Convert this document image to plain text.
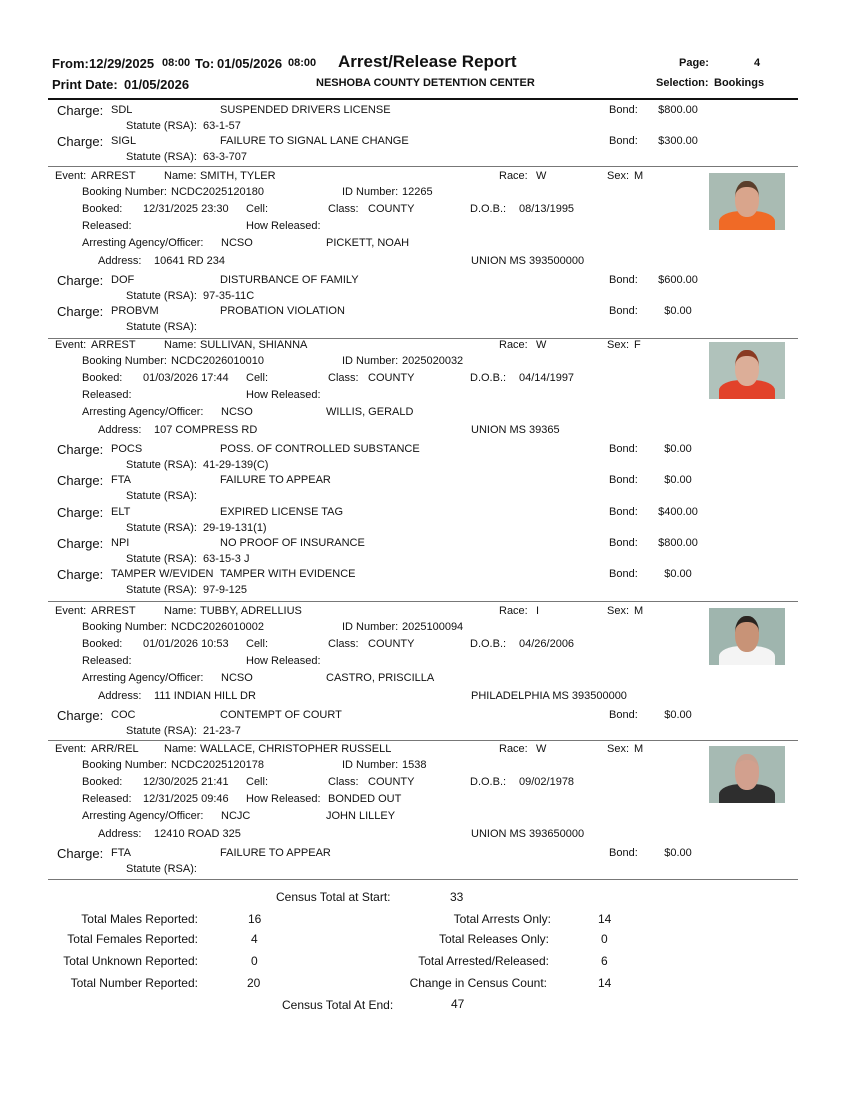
From: 12/29/2025 08:00 To: 01/05/2026 08:00 Arrest/Release Report	Page:	4
Print Date: 01/05/2026	NESHOBA COUNTY DETENTION CENTER	Selection: Bookings
Charge: SDL	SUSPENDED DRIVERS LICENSE	Bond:	$800.00
Statute (RSA): 63-1-57
Charge: SIGL	FAILURE TO SIGNAL LANE CHANGE	Bond:	$300.00
Statute (RSA): 63-3-707
Event: ARREST	Name: SMITH, TYLER	Race: W	Sex: M
Booking Number: NCDC2025120180	ID Number: 12265
Booked: 12/31/2025 23:30 Cell:	Class: COUNTY	D.O.B.: 08/13/1995
Released:	How Released:
Arresting Agency/Officer: NCSO	PICKETT, NOAH
Address: 10641 RD 234	UNION MS 393500000
Charge: DOF	DISTURBANCE OF FAMILY	Bond:	$600.00
Statute (RSA): 97-35-11C
Charge: PROBVM	PROBATION VIOLATION	Bond:	$0.00
Statute (RSA):
Event: ARREST	Name: SULLIVAN, SHIANNA	Race: W	Sex: F
Booking Number: NCDC2026010010	ID Number: 2025020032
Booked: 01/03/2026 17:44 Cell:	Class: COUNTY	D.O.B.: 04/14/1997
Released:	How Released:
Arresting Agency/Officer: NCSO	WILLIS, GERALD
Address: 107 COMPRESS RD	UNION MS 39365
Charge: POCS	POSS. OF CONTROLLED SUBSTANCE	Bond:	$0.00
Statute (RSA): 41-29-139(C)
Charge: FTA	FAILURE TO APPEAR	Bond:	$0.00
Statute (RSA):
Charge: ELT	EXPIRED LICENSE TAG	Bond:	$400.00
Statute (RSA): 29-19-131(1)
Charge: NPI	NO PROOF OF INSURANCE	Bond:	$800.00
Statute (RSA): 63-15-3 J
Charge: TAMPER W/EVIDEN TAMPER WITH EVIDENCE	Bond:	$0.00
Statute (RSA): 97-9-125
Event: ARREST	Name: TUBBY, ADRELLIUS	Race: I	Sex: M
Booking Number: NCDC2026010002	ID Number: 2025100094
Booked: 01/01/2026 10:53 Cell:	Class: COUNTY	D.O.B.: 04/26/2006
Released:	How Released:
Arresting Agency/Officer: NCSO	CASTRO, PRISCILLA
Address: 111 INDIAN HILL DR	PHILADELPHIA MS 393500000
Charge: COC	CONTEMPT OF COURT	Bond:	$0.00
Statute (RSA): 21-23-7
Event: ARR/REL Name: WALLACE, CHRISTOPHER RUSSELL	Race: W	Sex: M
Booking Number: NCDC2025120178	ID Number: 1538
Booked: 12/30/2025 21:41 Cell:	Class: COUNTY	D.O.B.: 09/02/1978
Released: 12/31/2025 09:46 How Released: BONDED OUT
Arresting Agency/Officer: NCJC	JOHN LILLEY
Address: 12410 ROAD 325	UNION MS 393650000
Charge: FTA	FAILURE TO APPEAR	Bond:	$0.00
Statute (RSA):
Census Total at Start:	33
Total Males Reported:	16	Total Arrests Only:	14
Total Females Reported:	4	Total Releases Only:	0
Total Unknown Reported:	0	Total Arrested/Released:	6
Total Number Reported:	20	Change in Census Count:	14
Census Total At End:	47
